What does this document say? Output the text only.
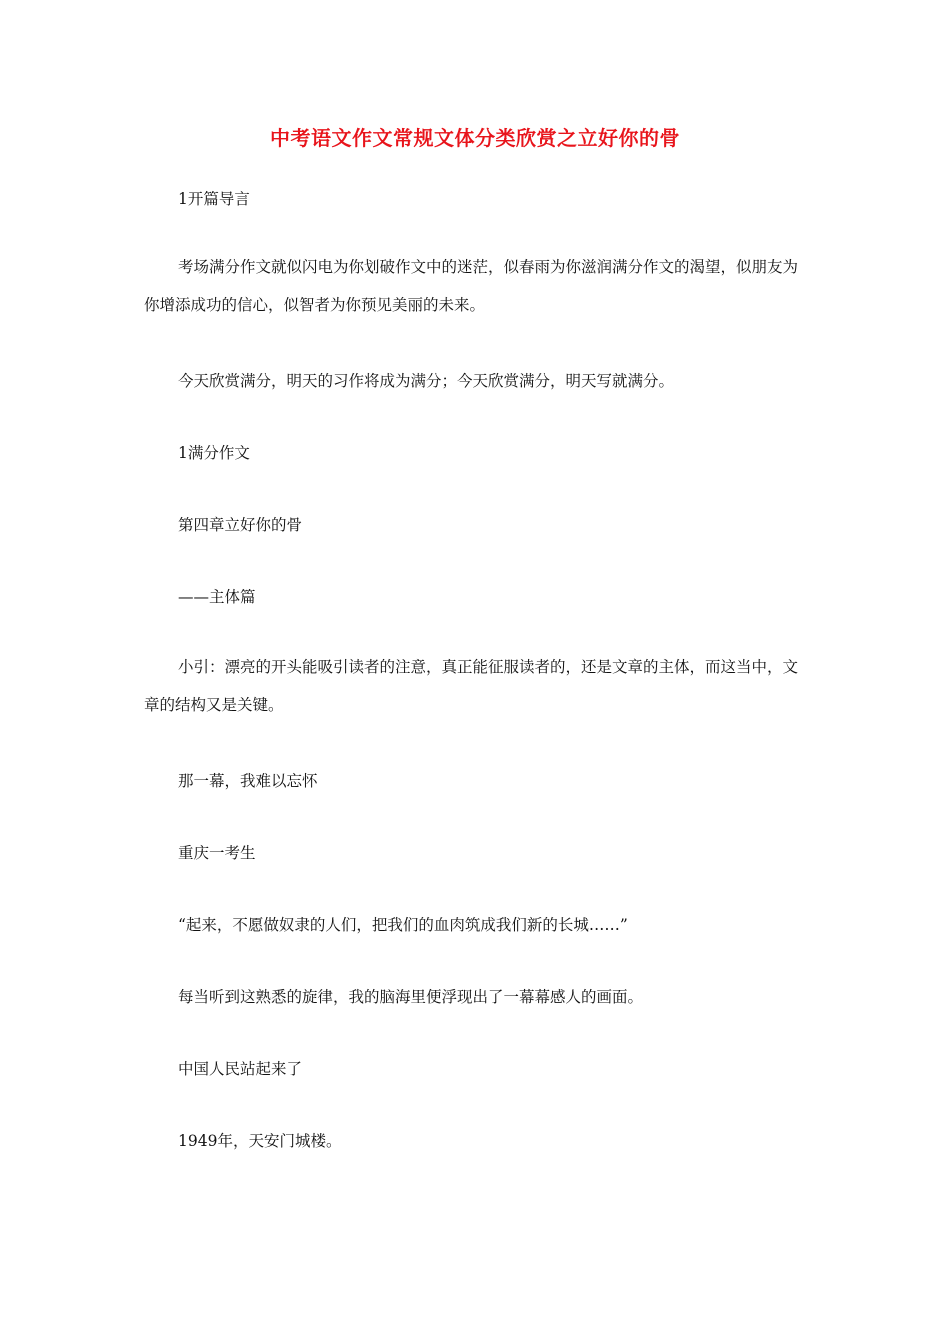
中考语文作文常规文体分类欣赏之立好你的骨
1开篇导言
考场满分作文就似闪电为你划破作文中的迷茫，似春雨为你滋润满分作文的渴望，似朋友为你增添成功的信心，似智者为你预见美丽的未来。
今天欣赏满分，明天的习作将成为满分；今天欣赏满分，明天写就满分。
1满分作文
第四章立好你的骨
——主体篇
小引：漂亮的开头能吸引读者的注意，真正能征服读者的，还是文章的主体，而这当中，文章的结构又是关键。
那一幕，我难以忘怀
重庆一考生
“起来，不愿做奴隶的人们，把我们的血肉筑成我们新的长城……”
每当听到这熟悉的旋律，我的脑海里便浮现出了一幕幕感人的画面。
中国人民站起来了
1949年，天安门城楼。
